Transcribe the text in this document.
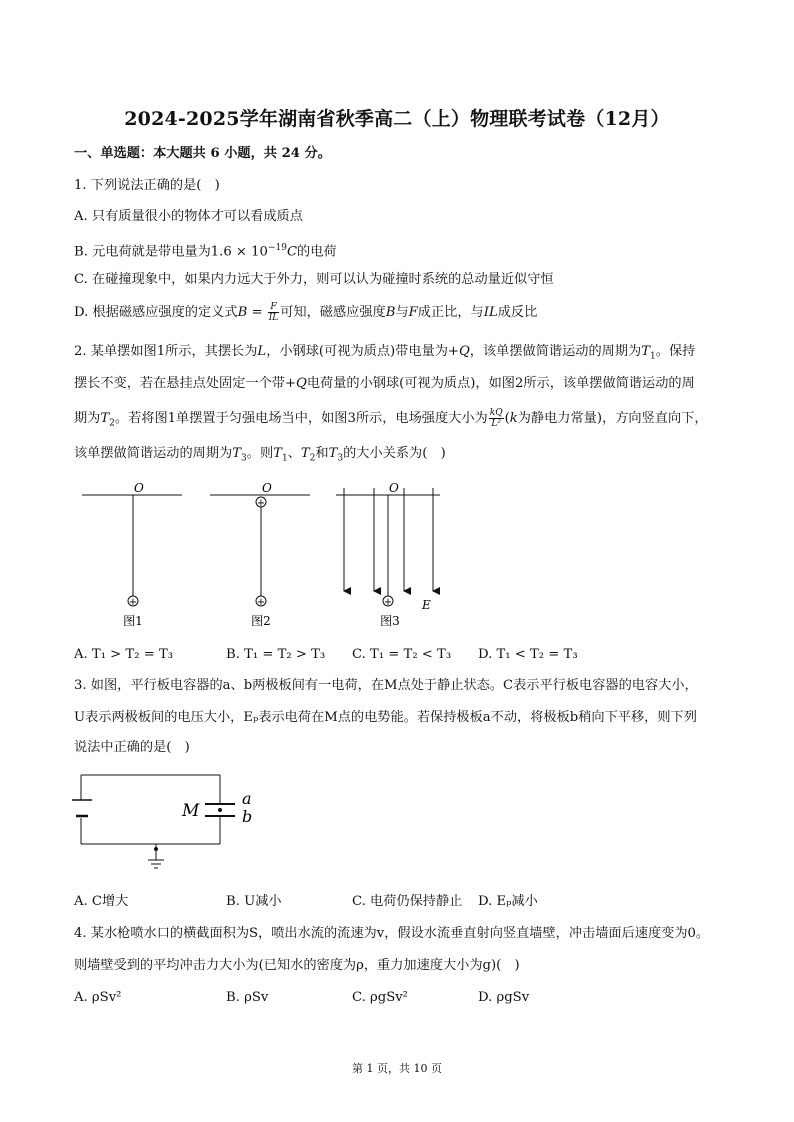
2024-2025学年湖南省秋季高二（上）物理联考试卷（12月）
一、单选题：本大题共 6 小题，共 24 分。
1. 下列说法正确的是(　)
A. 只有质量很小的物体才可以看成质点
B. 元电荷就是带电量为$1.6 \times 10^{-19}C$的电荷
C. 在碰撞现象中，如果内力远大于外力，则可以认为碰撞时系统的总动量近似守恒
D. 根据磁感应强度的定义式$B = \frac{F}{IL}$ 可知，磁感应强度B与F成正比，与IL成反比
2. 某单摆如图1所示，其摆长为L，小钢球(可视为质点)带电量为+Q，该单摆做简谐运动的周期为$T_1$。保持
摆长不变，若在悬挂点处固定一个带+Q电荷量的小钢球(可视为质点)，如图2所示，该单摆做简谐运动的周
期为$T_2$。若将图1单摆置于匀强电场当中，如图3所示，电场强度大小为 $\frac{kQ}{\text{L²}} (k$为静电力常量)，方向竖直向下，
该单摆做简谐运动的周期为$T_3$。则$T_1$、$T_2$和$T_3$的大小关系为(　)
O
+
图1
O
+
+
图2
O
+ E
图3
A. T₁ > T₂ = T₃	B. T₁ = T₂ > T₃ C. T₁ = T₂ < T₃ D. T₁ < T₂ = T₃
3. 如图，平行板电容器的a、b两极板间有一电荷，在M点处于静止状态。C表示平行板电容器的电容大小，
U表示两极板间的电压大小，Eₚ表示电荷在M点的电势能。若保持极板a不动，将极板b稍向下平移，则下列
说法中正确的是(　)
M
a
b
A. C增大	B. U减小	C. 电荷仍保持静止 D. Eₚ减小
4. 某水枪喷水口的横截面积为S，喷出水流的流速为v，假设水流垂直射向竖直墙壁，冲击墙面后速度变为0。
则墙壁受到的平均冲击力大小为(已知水的密度为ρ，重力加速度大小为g)(　)
A. ρSv²	B. ρSv	C. ρgSv²	D. ρgSv
第 1 页，共 10 页
